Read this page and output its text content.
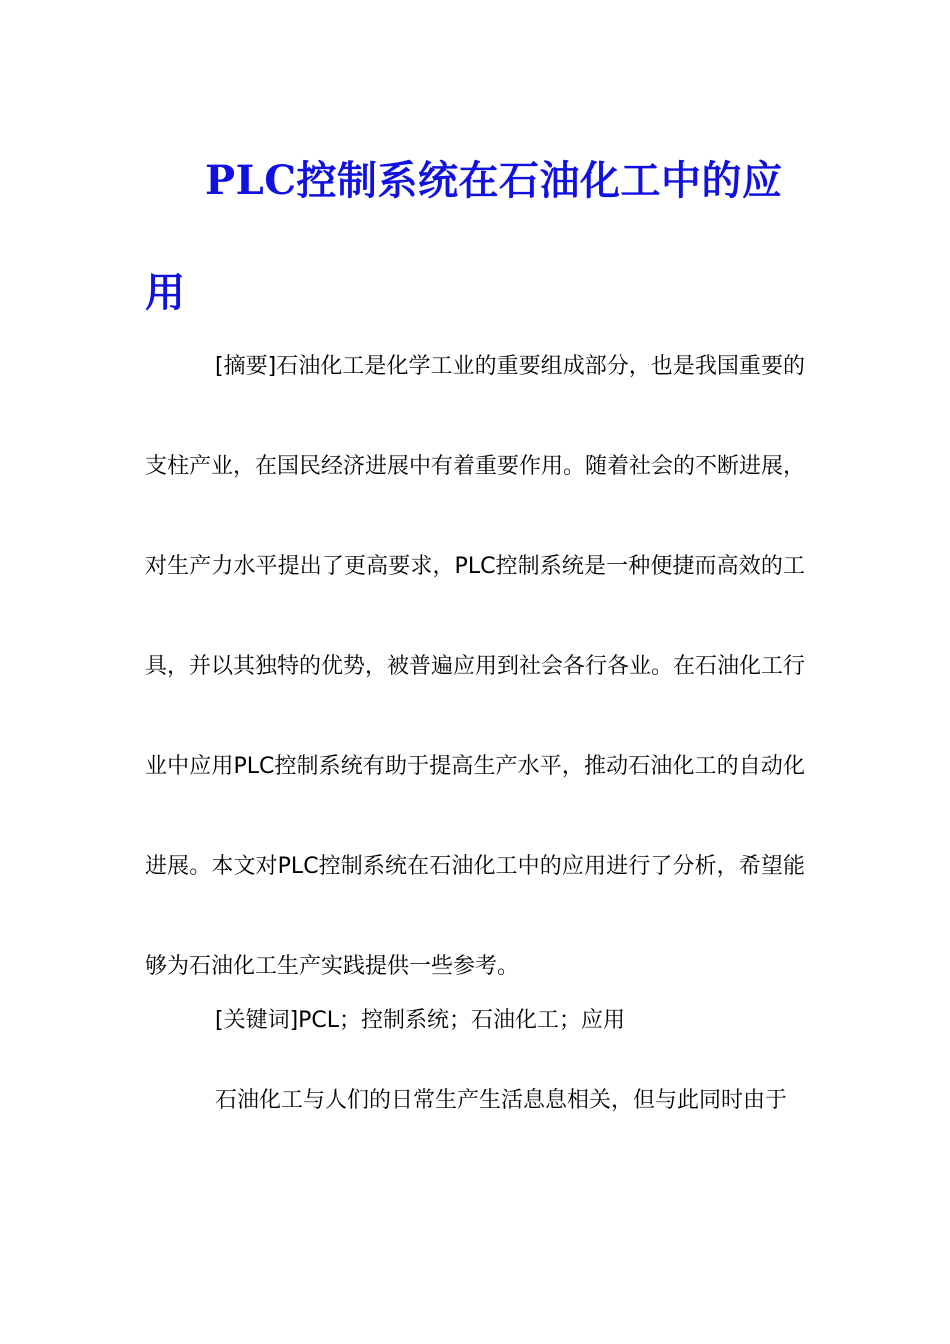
PLC控制系统在石油化工中的应用

[摘要]石油化工是化学工业的重要组成部分，也是我国重要的支柱产业，在国民经济进展中有着重要作用。随着社会的不断进展，对生产力水平提出了更高要求，PLC控制系统是一种便捷而高效的工具，并以其独特的优势，被普遍应用到社会各行各业。在石油化工行业中应用PLC控制系统有助于提高生产水平，推动石油化工的自动化进展。本文对PLC控制系统在石油化工中的应用进行了分析，希望能够为石油化工生产实践提供一些参考。

[关键词]PCL；控制系统；石油化工；应用

石油化工与人们的日常生产生活息息相关，但与此同时由于
